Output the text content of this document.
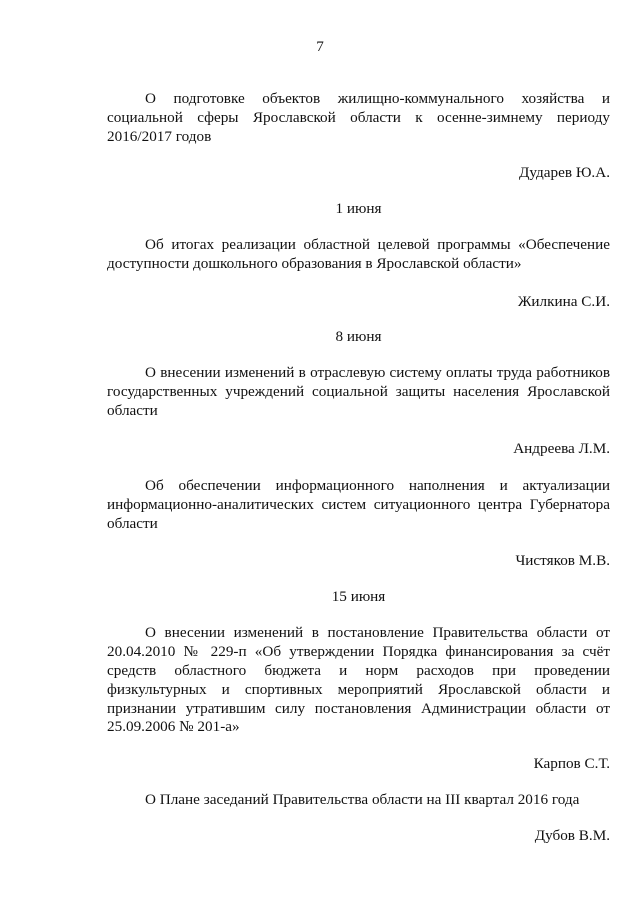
7

О подготовке объектов жилищно-коммунального хозяйства и социальной сферы Ярославской области к осенне-зимнему периоду 2016/2017 годов

Дударев Ю.А.

1 июня

Об итогах реализации областной целевой программы «Обеспечение доступности дошкольного образования в Ярославской области»

Жилкина С.И.

8 июня

О внесении изменений в отраслевую систему оплаты труда работников государственных учреждений социальной защиты населения Ярославской области

Андреева Л.М.

Об обеспечении информационного наполнения и актуализации информационно-аналитических систем ситуационного центра Губернатора области

Чистяков М.В.

15 июня

О внесении изменений в постановление Правительства области от 20.04.2010 № 229-п «Об утверждении Порядка финансирования за счёт средств областного бюджета и норм расходов при проведении физкультурных и спортивных мероприятий Ярославской области и признании утратившим силу постановления Администрации области от 25.09.2006 № 201-а»

Карпов С.Т.

О Плане заседаний Правительства области на III квартал 2016 года

Дубов В.М.
